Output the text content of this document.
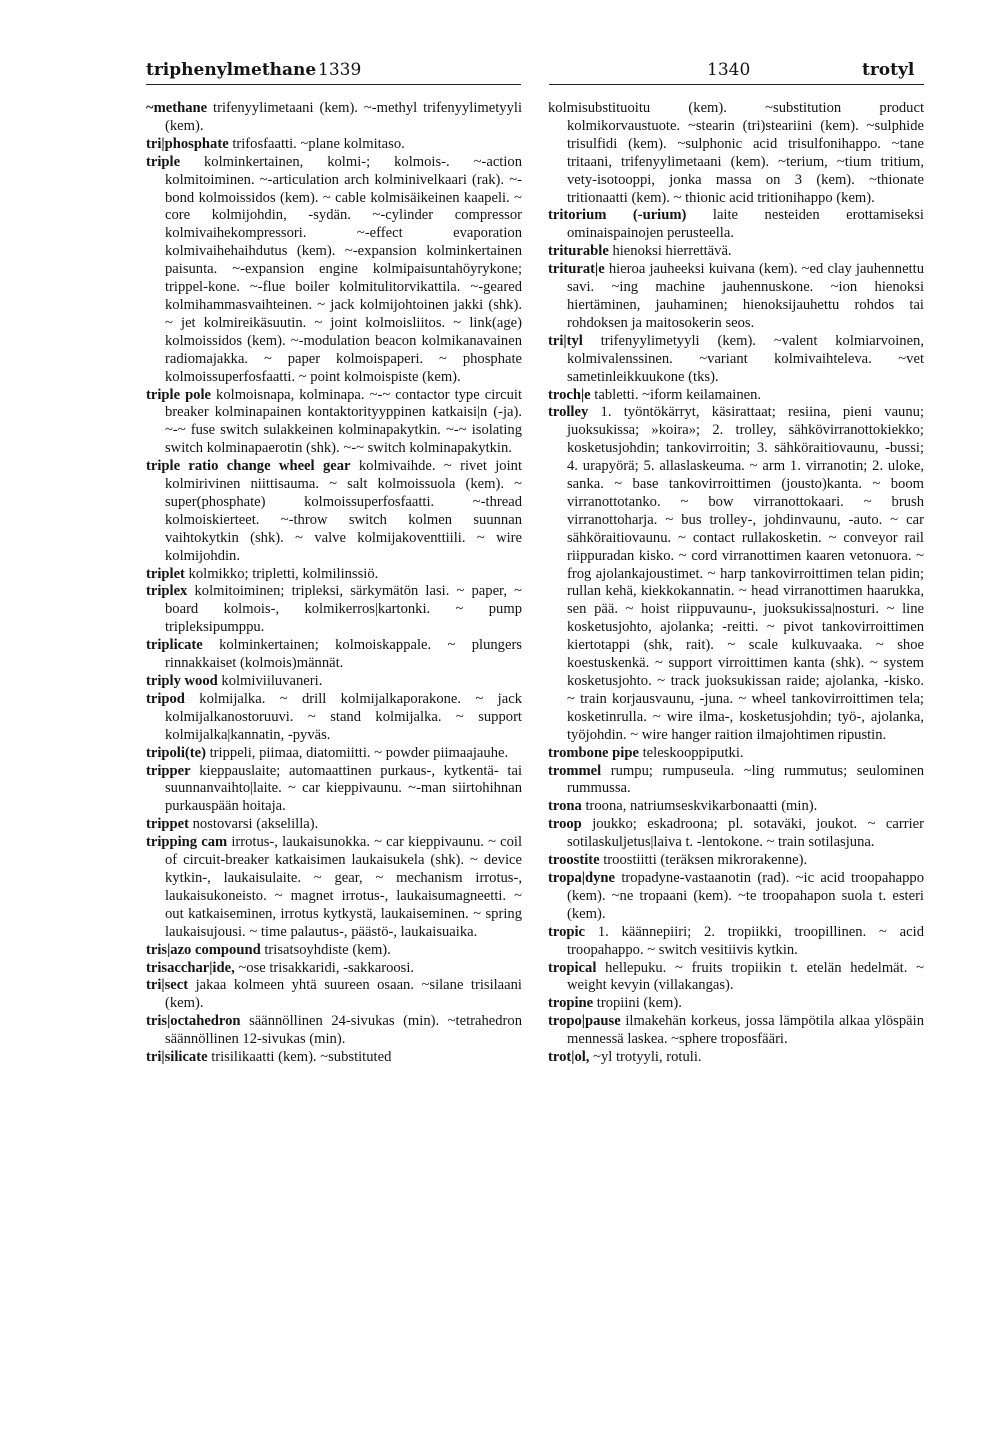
triphenylmethane 1339	1340	trotyl
~methane trifenyylimetaani (kem). ~-methyl trifenyylimetyyli (kem).
tri|phosphate trifosfaatti. ~plane kolmitaso.
triple kolminkertainen, kolmi-; kolmois-. ~-action kolmitoiminen. ~-articulation arch kolminivelkaari (rak). ~-bond kolmoissidos (kem). ~ cable kolmisäikeinen kaapeli. ~ core kolmijohdin, -sydän. ~-cylinder compressor kolmivaihekompressori. ~-effect evaporation kolmivaihehaihdutus (kem). ~-expansion kolminkertainen paisunta. ~-expansion engine kolmipaisuntahöyrykone; trippel-kone. ~-flue boiler kolmitulitorvikattila. ~-geared kolmihammasvaihteinen. ~ jack kolmijohtoinen jakki (shk). ~ jet kolmireikäsuutin. ~ joint kolmoisliitos. ~ link(age) kolmoissidos (kem). ~-modulation beacon kolmikanavainen radiomajakka. ~ paper kolmoispaperi. ~ phosphate kolmoissuperfosfaatti. ~ point kolmoispiste (kem).
triple pole kolmoisnapa, kolminapa. ~-~ contactor type circuit breaker kolminapainen kontaktorityyppinen katkaisi|n (-ja). ~-~ fuse switch sulakkeinen kolminapakytkin. ~-~ isolating switch kolminapaerotin (shk). ~-~ switch kolminapakytkin.
triple ratio change wheel gear kolmivaihde. ~ rivet joint kolmirivinen niittisauma. ~ salt kolmoissuola (kem). ~ super(phosphate) kolmoissuperfosfaatti. ~-thread kolmoiskierteet. ~-throw switch kolmen suunnan vaihtokytkin (shk). ~ valve kolmijakoventtiili. ~ wire kolmijohdin.
triplet kolmikko; tripletti, kolmilinssiö.
triplex kolmitoiminen; tripleksi, särkymätön lasi. ~ paper, ~ board kolmois-, kolmikerros|kartonki. ~ pump tripleksipumppu.
triplicate kolminkertainen; kolmoiskappale. ~ plungers rinnakkaiset (kolmois)männät.
triply wood kolmiviiluvaneri.
tripod kolmijalka. ~ drill kolmijalkaporakone. ~ jack kolmijalkanostoruuvi. ~ stand kolmijalka. ~ support kolmijalka|kannatin, -pyväs.
tripoli(te) trippeli, piimaa, diatomiitti. ~ powder piimaajauhe.
tripper kieppauslaite; automaattinen purkaus-, kytkentä- tai suunnanvaihto|laite. ~ car kieppivaunu. ~-man siirtohihnan purkauspään hoitaja.
trippet nostovarsi (akselilla).
tripping cam irrotus-, laukaisunokka. ~ car kieppivaunu. ~ coil of circuit-breaker katkaisimen laukaisukela (shk). ~ device kytkin-, laukaisulaite. ~ gear, ~ mechanism irrotus-, laukaisukoneisto. ~ magnet irrotus-, laukaisumagneetti. ~ out katkaiseminen, irrotus kytkystä, laukaiseminen. ~ spring laukaisujousi. ~ time palautus-, päästö-, laukaisuaika.
tris|azo compound trisatsoyhdiste (kem).
trisacchar|ide, ~ose trisakkaridi, -sakkaroosi.
tri|sect jakaa kolmeen yhtä suureen osaan. ~silane trisilaani (kem).
tris|octahedron säännöllinen 24-sivukas (min). ~tetrahedron säännöllinen 12-sivukas (min).
tri|silicate trisilikaatti (kem). ~substituted
kolmisubstituoitu (kem). ~substitution product kolmikorvaustuote. ~stearin (tri)steariini (kem). ~sulphide trisulfidi (kem). ~sulphonic acid trisulfonihappo. ~tane tritaani, trifenyylimetaani (kem). ~terium, ~tium tritium, vety-isotooppi, jonka massa on 3 (kem). ~thionate tritionaatti (kem). ~ thionic acid tritionihappo (kem).
tritorium (-urium) laite nesteiden erottamiseksi ominaispainojen perusteella.
triturable hienoksi hierrettävä.
triturat|e hieroa jauheeksi kuivana (kem). ~ed clay jauhennettu savi. ~ing machine jauhennuskone. ~ion hienoksi hiertäminen, jauhaminen; hienoksijauhettu rohdos tai rohdoksen ja maitosokerin seos.
tri|tyl trifenyylimetyyli (kem). ~valent kolmiarvoinen, kolmivalenssinen. ~variant kolmivaihteleva. ~vet sametinleikkuukone (tks).
troch|e tabletti. ~iform keilamainen.
trolley 1. työntökärryt, käsirattaat; resiina, pieni vaunu; juoksukissa; »koira»; 2. trolley, sähkövirranottokiekko; kosketusjohdin; tankovirroitin; 3. sähköraitiovaunu, -bussi; 4. urapyörä; 5. allaslaskeuma. ~ arm 1. virranotin; 2. uloke, sanka. ~ base tankovirroittimen (jousto)kanta. ~ boom virranottotanko. ~ bow virranottokaari. ~ brush virranottoharja. ~ bus trolley-, johdinvaunu, -auto. ~ car sähköraitiovaunu. ~ contact rullakosketin. ~ conveyor rail riippuradan kisko. ~ cord virranottimen kaaren vetonuora. ~ frog ajolankajoustimet. ~ harp tankovirroittimen telan pidin; rullan kehä, kiekkokannatin. ~ head virranottimen haarukka, sen pää. ~ hoist riippuvaunu-, juoksukissa|nosturi. ~ line kosketusjohto, ajolanka; -reitti. ~ pivot tankovirroittimen kiertotappi (shk, rait). ~ scale kulkuvaaka. ~ shoe koestuskenkä. ~ support virroittimen kanta (shk). ~ system kosketusjohto. ~ track juoksukissan raide; ajolanka, -kisko. ~ train korjausvaunu, -juna. ~ wheel tankovirroittimen tela; kosketinrulla. ~ wire ilma-, kosketusjohdin; työ-, ajolanka, työjohdin. ~ wire hanger raition ilmajohtimen ripustin.
trombone pipe teleskooppiputki.
trommel rumpu; rumpuseula. ~ling rummutus; seulominen rummussa.
trona troona, natriumseskvikarbonaatti (min).
troop joukko; eskadroona; pl. sotaväki, joukot. ~ carrier sotilaskuljetus|laiva t. -lentokone. ~ train sotilasjuna.
troostite troostiitti (teräksen mikrorakenne).
tropa|dyne tropadyne-vastaanotin (rad). ~ic acid troopahappo (kem). ~ne tropaani (kem). ~te troopahapon suola t. esteri (kem).
tropic 1. käännepiiri; 2. tropiikki, troopillinen. ~ acid troopahappo. ~ switch vesitiivis kytkin.
tropical hellepuku. ~ fruits tropiikin t. etelän hedelmät. ~ weight kevyin (villakangas).
tropine tropiini (kem).
tropo|pause ilmakehän korkeus, jossa lämpötila alkaa ylöspäin mennessä laskea. ~sphere troposfääri.
trot|ol, ~yl trotyyli, rotuli.
